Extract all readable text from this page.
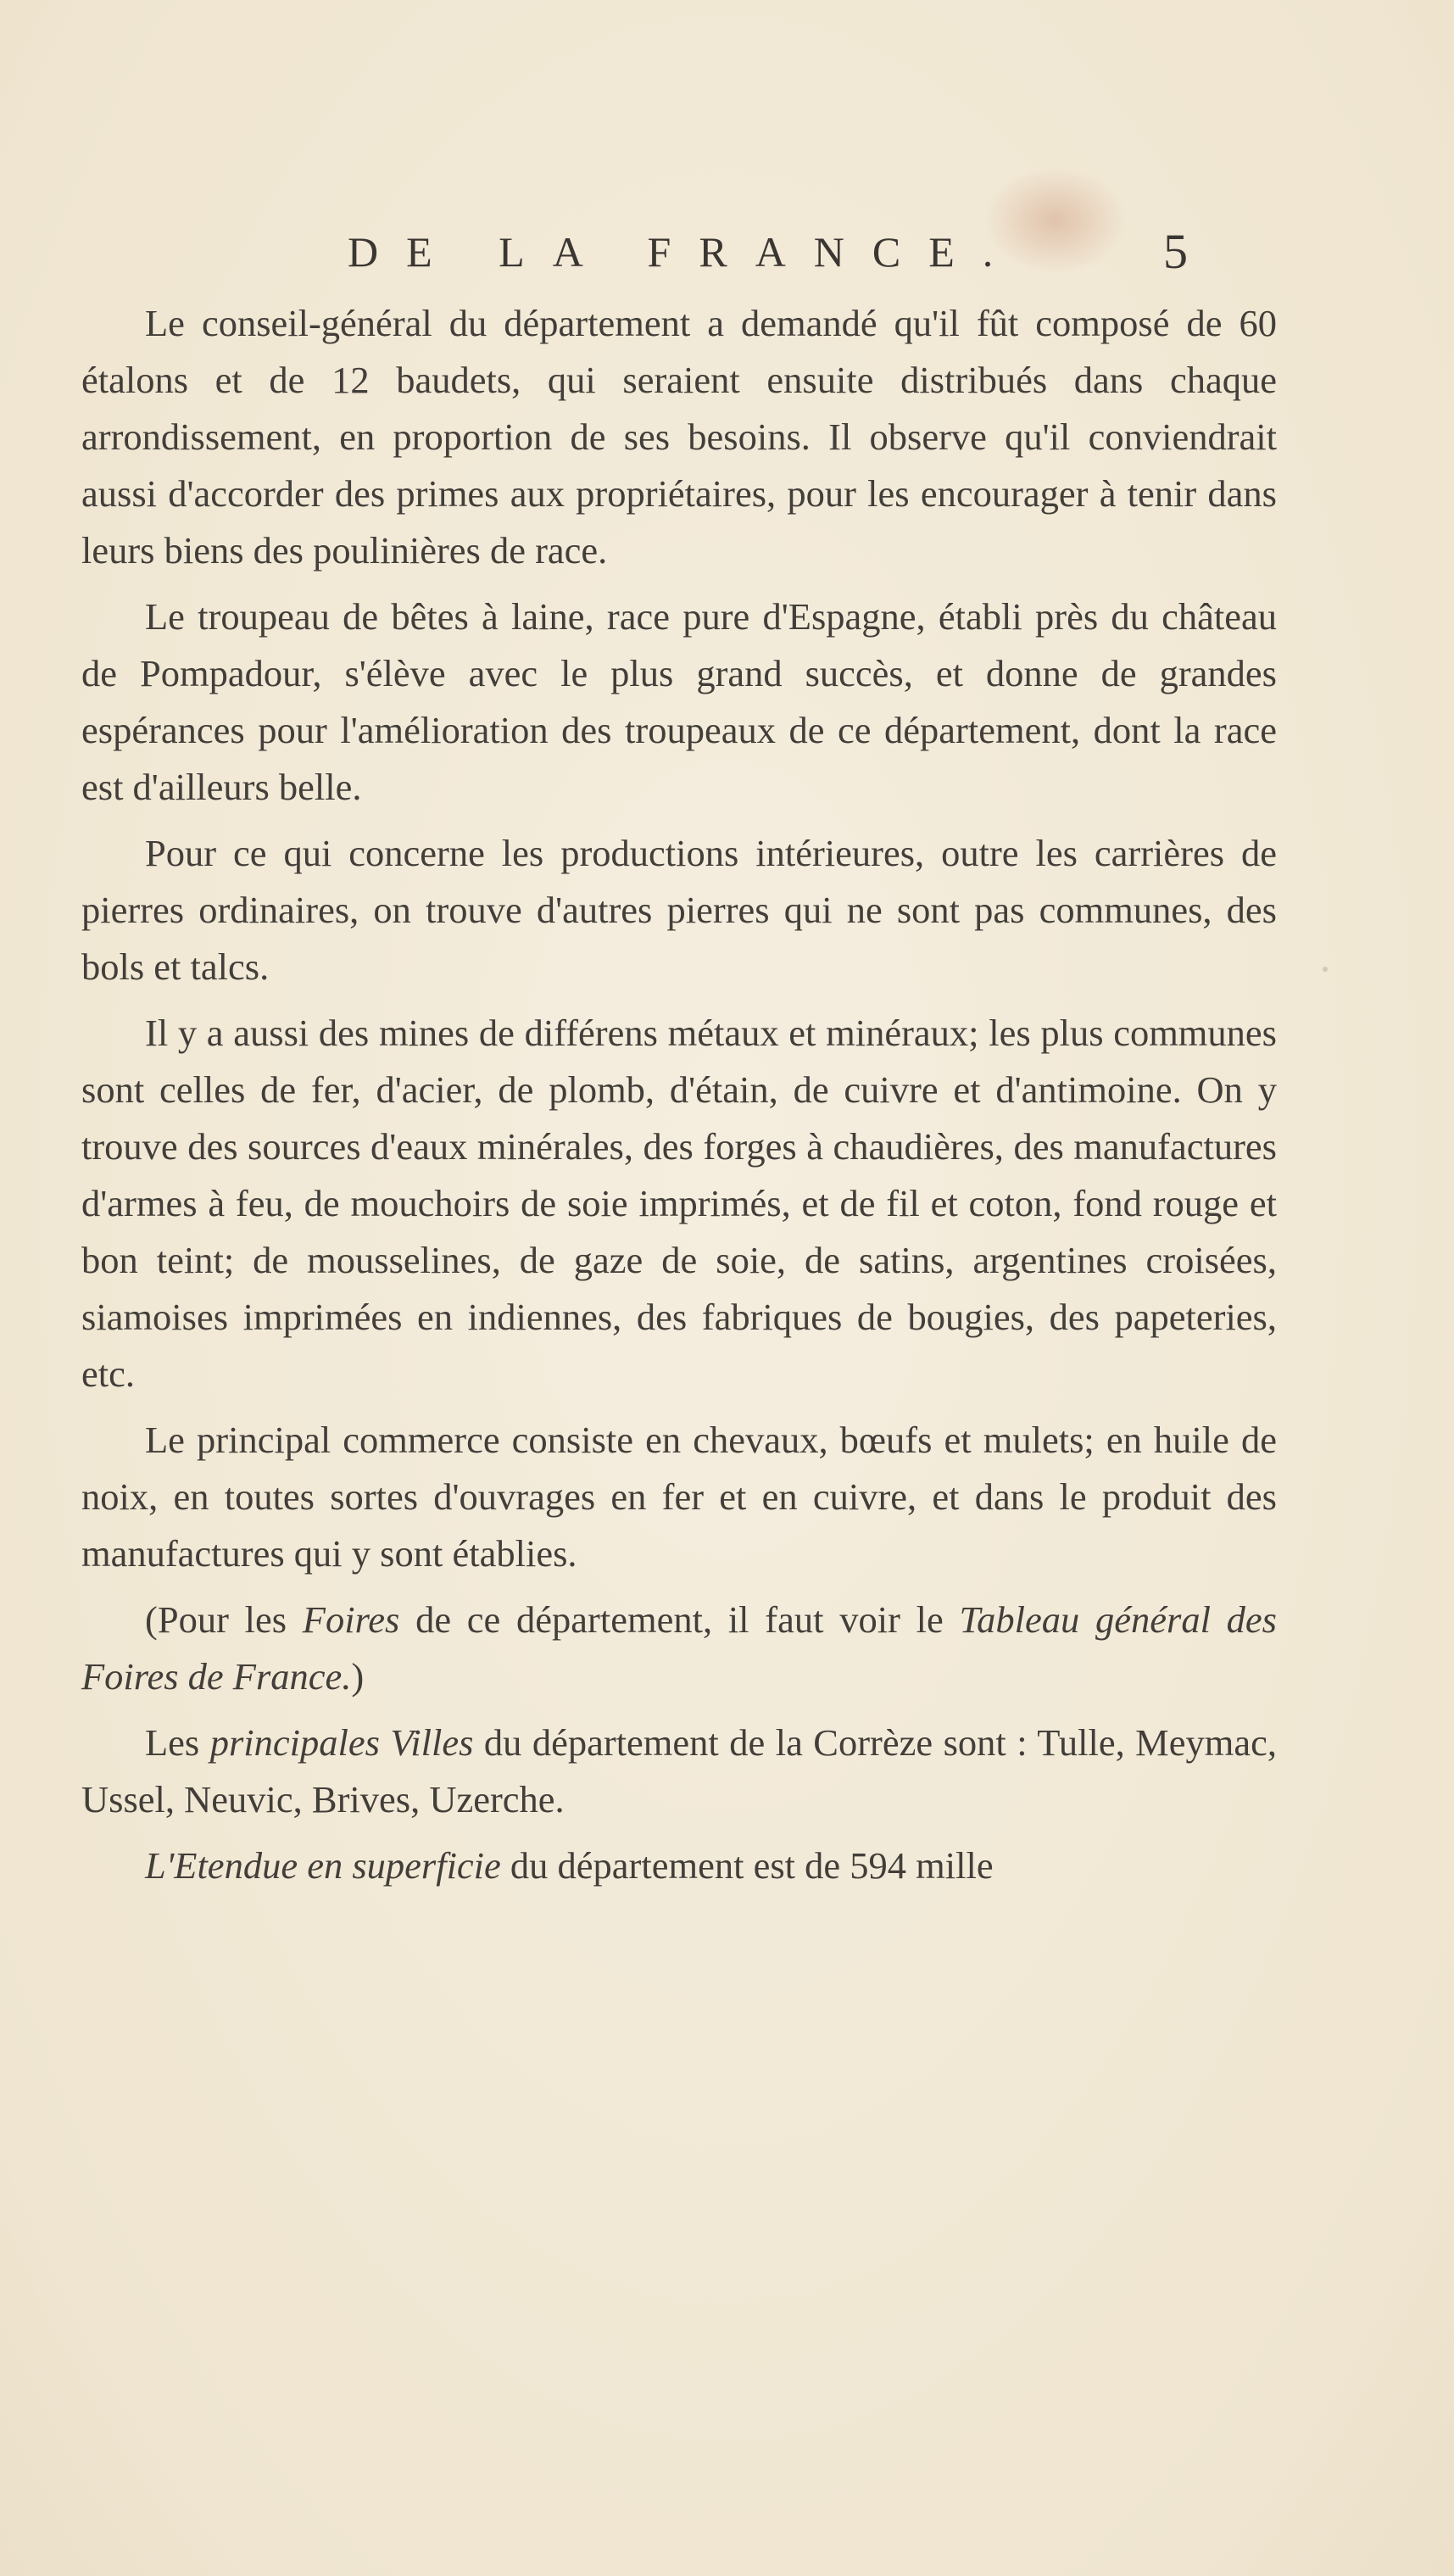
DE LA FRANCE.	5

Le conseil-général du département a demandé qu'il fût composé de 60 étalons et de 12 baudets, qui seraient ensuite distribués dans chaque arrondissement, en proportion de ses besoins. Il observe qu'il conviendrait aussi d'accorder des primes aux propriétaires, pour les encourager à tenir dans leurs biens des poulinières de race.

Le troupeau de bêtes à laine, race pure d'Espagne, établi près du château de Pompadour, s'élève avec le plus grand succès, et donne de grandes espérances pour l'amélioration des troupeaux de ce département, dont la race est d'ailleurs belle.

Pour ce qui concerne les productions intérieures, outre les carrières de pierres ordinaires, on trouve d'autres pierres qui ne sont pas communes, des bols et talcs.

Il y a aussi des mines de différens métaux et minéraux; les plus communes sont celles de fer, d'acier, de plomb, d'étain, de cuivre et d'antimoine. On y trouve des sources d'eaux minérales, des forges à chaudières, des manufactures d'armes à feu, de mouchoirs de soie imprimés, et de fil et coton, fond rouge et bon teint; de mousselines, de gaze de soie, de satins, argentines croisées, siamoises imprimées en indiennes, des fabriques de bougies, des papeteries, etc.

Le principal commerce consiste en chevaux, bœufs et mulets; en huile de noix, en toutes sortes d'ouvrages en fer et en cuivre, et dans le produit des manufactures qui y sont établies.

(Pour les Foires de ce département, il faut voir le Tableau général des Foires de France.)

Les principales Villes du département de la Corrèze sont : Tulle, Meymac, Ussel, Neuvic, Brives, Uzerche.

L'Etendue en superficie du département est de 594 mille
